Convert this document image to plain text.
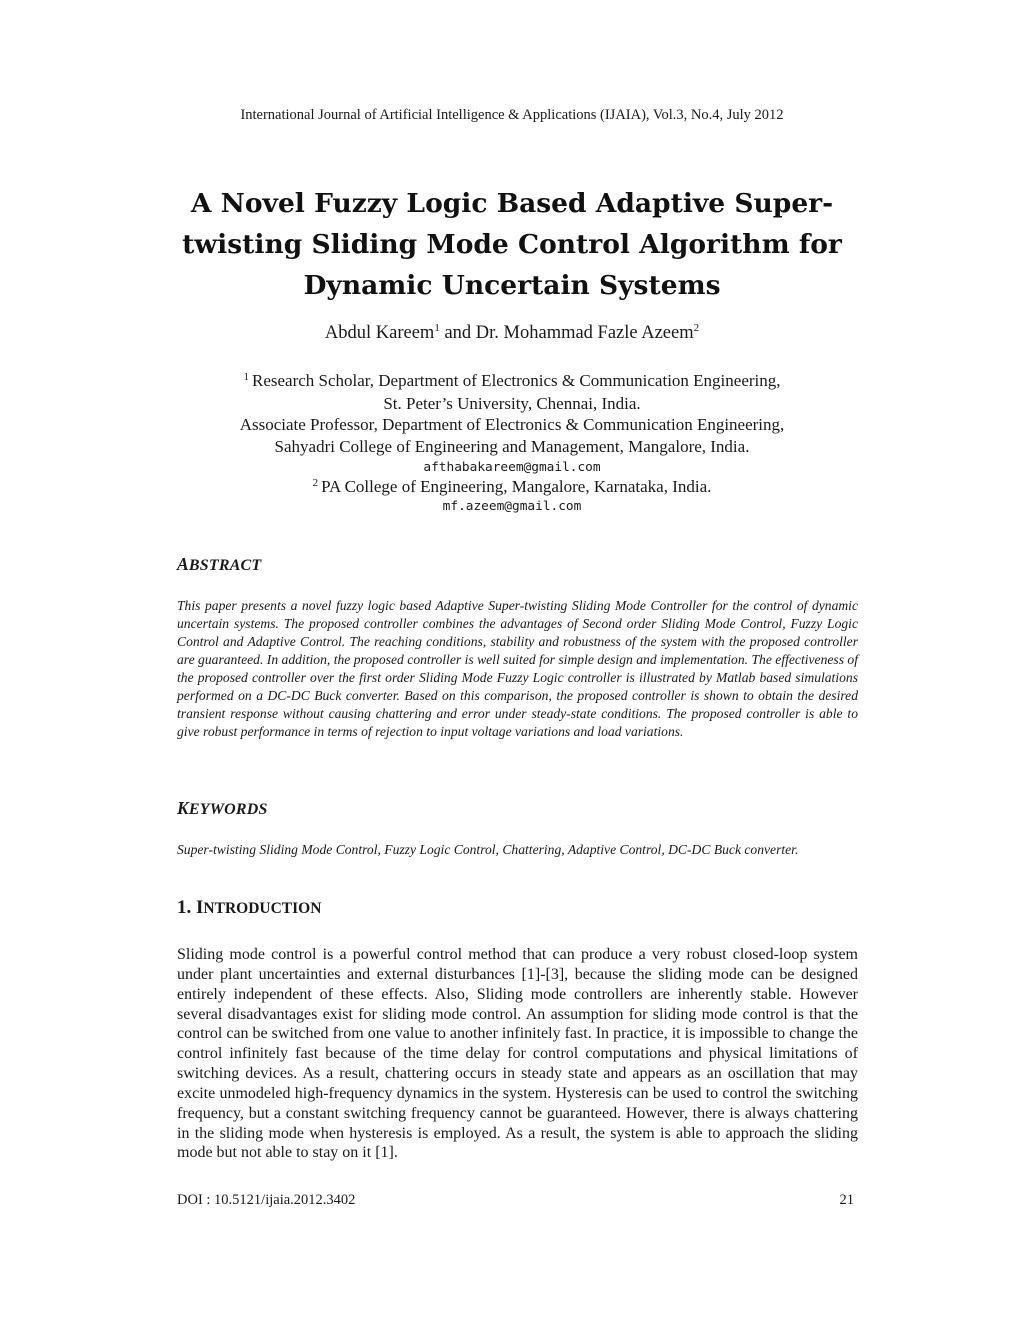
International Journal of Artificial Intelligence & Applications (IJAIA), Vol.3, No.4, July 2012
A Novel Fuzzy Logic Based Adaptive Super-
twisting Sliding Mode Control Algorithm for
Dynamic Uncertain Systems
Abdul Kareem$^1$ and Dr. Mohammad Fazle Azeem$^2$
$^1$ Research Scholar, Department of Electronics & Communication Engineering,
St. Peter’s University, Chennai, India.
Associate Professor, Department of Electronics & Communication Engineering,
Sahyadri College of Engineering and Management, Mangalore, India.
afthabakareem@gmail.com
$^2$ PA College of Engineering, Mangalore, Karnataka, India.
mf.azeem@gmail.com
ABSTRACT
This paper presents a novel fuzzy logic based Adaptive Super-twisting Sliding Mode Controller for the control of dynamic uncertain systems. The proposed controller combines the advantages of Second order Sliding Mode Control, Fuzzy Logic Control and Adaptive Control. The reaching conditions, stability and robustness of the system with the proposed controller are guaranteed. In addition, the proposed controller is well suited for simple design and implementation. The effectiveness of the proposed controller over the first order Sliding Mode Fuzzy Logic controller is illustrated by Matlab based simulations performed on a DC-DC Buck converter. Based on this comparison, the proposed controller is shown to obtain the desired transient response without causing chattering and error under steady-state conditions. The proposed controller is able to give robust performance in terms of rejection to input voltage variations and load variations.
KEYWORDS
Super-twisting Sliding Mode Control, Fuzzy Logic Control, Chattering, Adaptive Control, DC-DC Buck converter.
1. INTRODUCTION
Sliding mode control is a powerful control method that can produce a very robust closed-loop system under plant uncertainties and external disturbances [1]-[3], because the sliding mode can be designed entirely independent of these effects. Also, Sliding mode controllers are inherently stable. However several disadvantages exist for sliding mode control. An assumption for sliding mode control is that the control can be switched from one value to another infinitely fast. In practice, it is impossible to change the control infinitely fast because of the time delay for control computations and physical limitations of switching devices. As a result, chattering occurs in steady state and appears as an oscillation that may excite unmodeled high-frequency dynamics in the system. Hysteresis can be used to control the switching frequency, but a constant switching frequency cannot be guaranteed. However, there is always chattering in the sliding mode when hysteresis is employed. As a result, the system is able to approach the sliding mode but not able to stay on it [1].
DOI : 10.5121/ijaia.2012.3402	21
